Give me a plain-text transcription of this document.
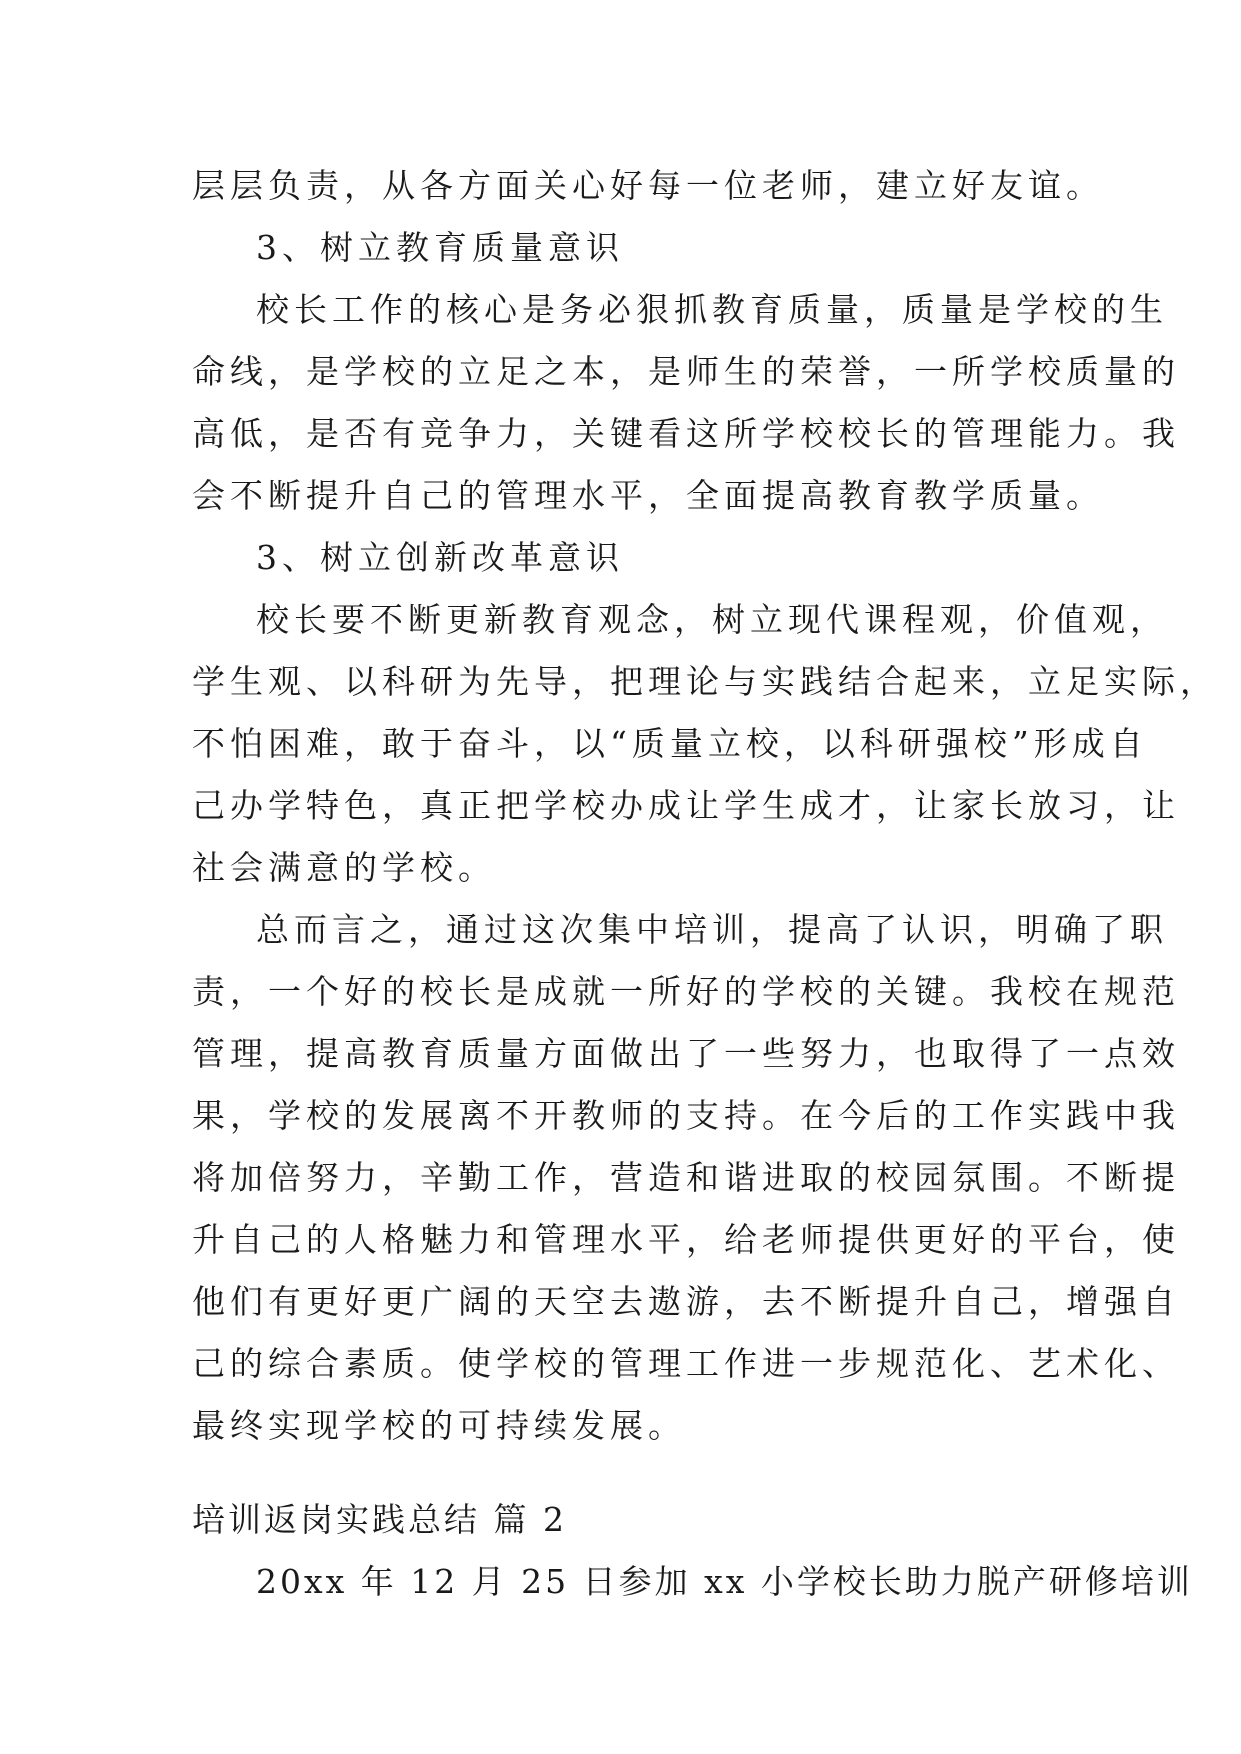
层层负责，从各方面关心好每一位老师，建立好友谊。
3、树立教育质量意识
校长工作的核心是务必狠抓教育质量，质量是学校的生
命线，是学校的立足之本，是师生的荣誉，一所学校质量的
高低，是否有竞争力，关键看这所学校校长的管理能力。我
会不断提升自己的管理水平，全面提高教育教学质量。
3、树立创新改革意识
校长要不断更新教育观念，树立现代课程观，价值观，
学生观、以科研为先导，把理论与实践结合起来，立足实际，
不怕困难，敢于奋斗，以“质量立校，以科研强校”形成自
己办学特色，真正把学校办成让学生成才，让家长放习，让
社会满意的学校。
总而言之，通过这次集中培训，提高了认识，明确了职
责，一个好的校长是成就一所好的学校的关键。我校在规范
管理，提高教育质量方面做出了一些努力，也取得了一点效
果，学校的发展离不开教师的支持。在今后的工作实践中我
将加倍努力，辛勤工作，营造和谐进取的校园氛围。不断提
升自己的人格魅力和管理水平，给老师提供更好的平台，使
他们有更好更广阔的天空去遨游，去不断提升自己，增强自
己的综合素质。使学校的管理工作进一步规范化、艺术化、
最终实现学校的可持续发展。
培训返岗实践总结 篇 2
20xx 年 12 月 25 日参加 xx 小学校长助力脱产研修培训
